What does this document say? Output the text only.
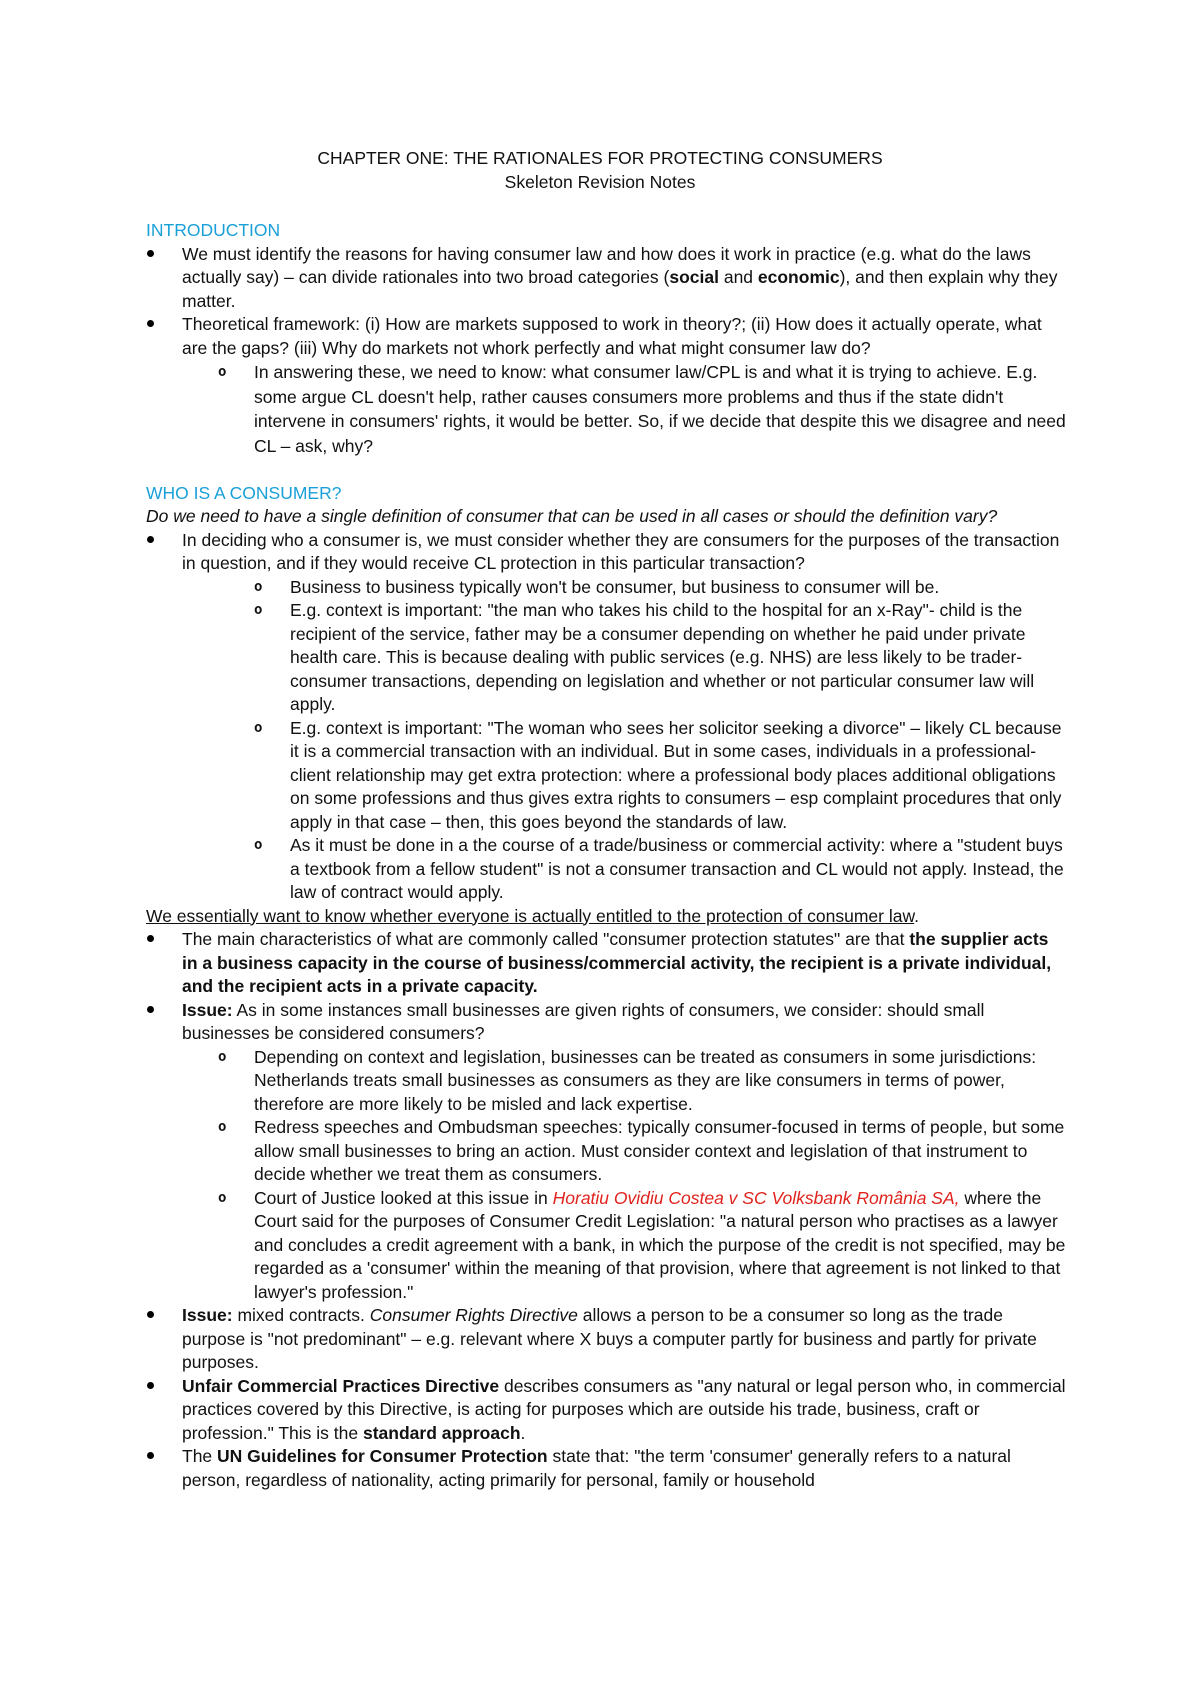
CHAPTER ONE: THE RATIONALES FOR PROTECTING CONSUMERS
Skeleton Revision Notes
INTRODUCTION
We must identify the reasons for having consumer law and how does it work in practice (e.g. what do the laws actually say) – can divide rationales into two broad categories (social and economic), and then explain why they matter.
Theoretical framework: (i) How are markets supposed to work in theory?; (ii) How does it actually operate, what are the gaps? (iii) Why do markets not whork perfectly and what might consumer law do?
o In answering these, we need to know: what consumer law/CPL is and what it is trying to achieve. E.g. some argue CL doesn't help, rather causes consumers more problems and thus if the state didn't intervene in consumers' rights, it would be better. So, if we decide that despite this we disagree and need CL – ask, why?
WHO IS A CONSUMER?
Do we need to have a single definition of consumer that can be used in all cases or should the definition vary?
In deciding who a consumer is, we must consider whether they are consumers for the purposes of the transaction in question, and if they would receive CL protection in this particular transaction?
o Business to business typically won't be consumer, but business to consumer will be.
o E.g. context is important: "the man who takes his child to the hospital for an x-Ray"- child is the recipient of the service, father may be a consumer depending on whether he paid under private health care. This is because dealing with public services (e.g. NHS) are less likely to be trader-consumer transactions, depending on legislation and whether or not particular consumer law will apply.
o E.g. context is important: "The woman who sees her solicitor seeking a divorce" – likely CL because it is a commercial transaction with an individual. But in some cases, individuals in a professional-client relationship may get extra protection: where a professional body places additional obligations on some professions and thus gives extra rights to consumers – esp complaint procedures that only apply in that case – then, this goes beyond the standards of law.
o As it must be done in a the course of a trade/business or commercial activity: where a "student buys a textbook from a fellow student" is not a consumer transaction and CL would not apply. Instead, the law of contract would apply.
We essentially want to know whether everyone is actually entitled to the protection of consumer law.
The main characteristics of what are commonly called "consumer protection statutes" are that the supplier acts in a business capacity in the course of business/commercial activity, the recipient is a private individual, and the recipient acts in a private capacity.
Issue: As in some instances small businesses are given rights of consumers, we consider: should small businesses be considered consumers?
o Depending on context and legislation, businesses can be treated as consumers in some jurisdictions: Netherlands treats small businesses as consumers as they are like consumers in terms of power, therefore are more likely to be misled and lack expertise.
o Redress speeches and Ombudsman speeches: typically consumer-focused in terms of people, but some allow small businesses to bring an action. Must consider context and legislation of that instrument to decide whether we treat them as consumers.
o Court of Justice looked at this issue in Horatiu Ovidiu Costea v SC Volksbank România SA, where the Court said for the purposes of Consumer Credit Legislation: "a natural person who practises as a lawyer and concludes a credit agreement with a bank, in which the purpose of the credit is not specified, may be regarded as a 'consumer' within the meaning of that provision, where that agreement is not linked to that lawyer's profession."
Issue: mixed contracts. Consumer Rights Directive allows a person to be a consumer so long as the trade purpose is "not predominant" – e.g. relevant where X buys a computer partly for business and partly for private purposes.
Unfair Commercial Practices Directive describes consumers as "any natural or legal person who, in commercial practices covered by this Directive, is acting for purposes which are outside his trade, business, craft or profession." This is the standard approach.
The UN Guidelines for Consumer Protection state that: "the term 'consumer' generally refers to a natural person, regardless of nationality, acting primarily for personal, family or household
